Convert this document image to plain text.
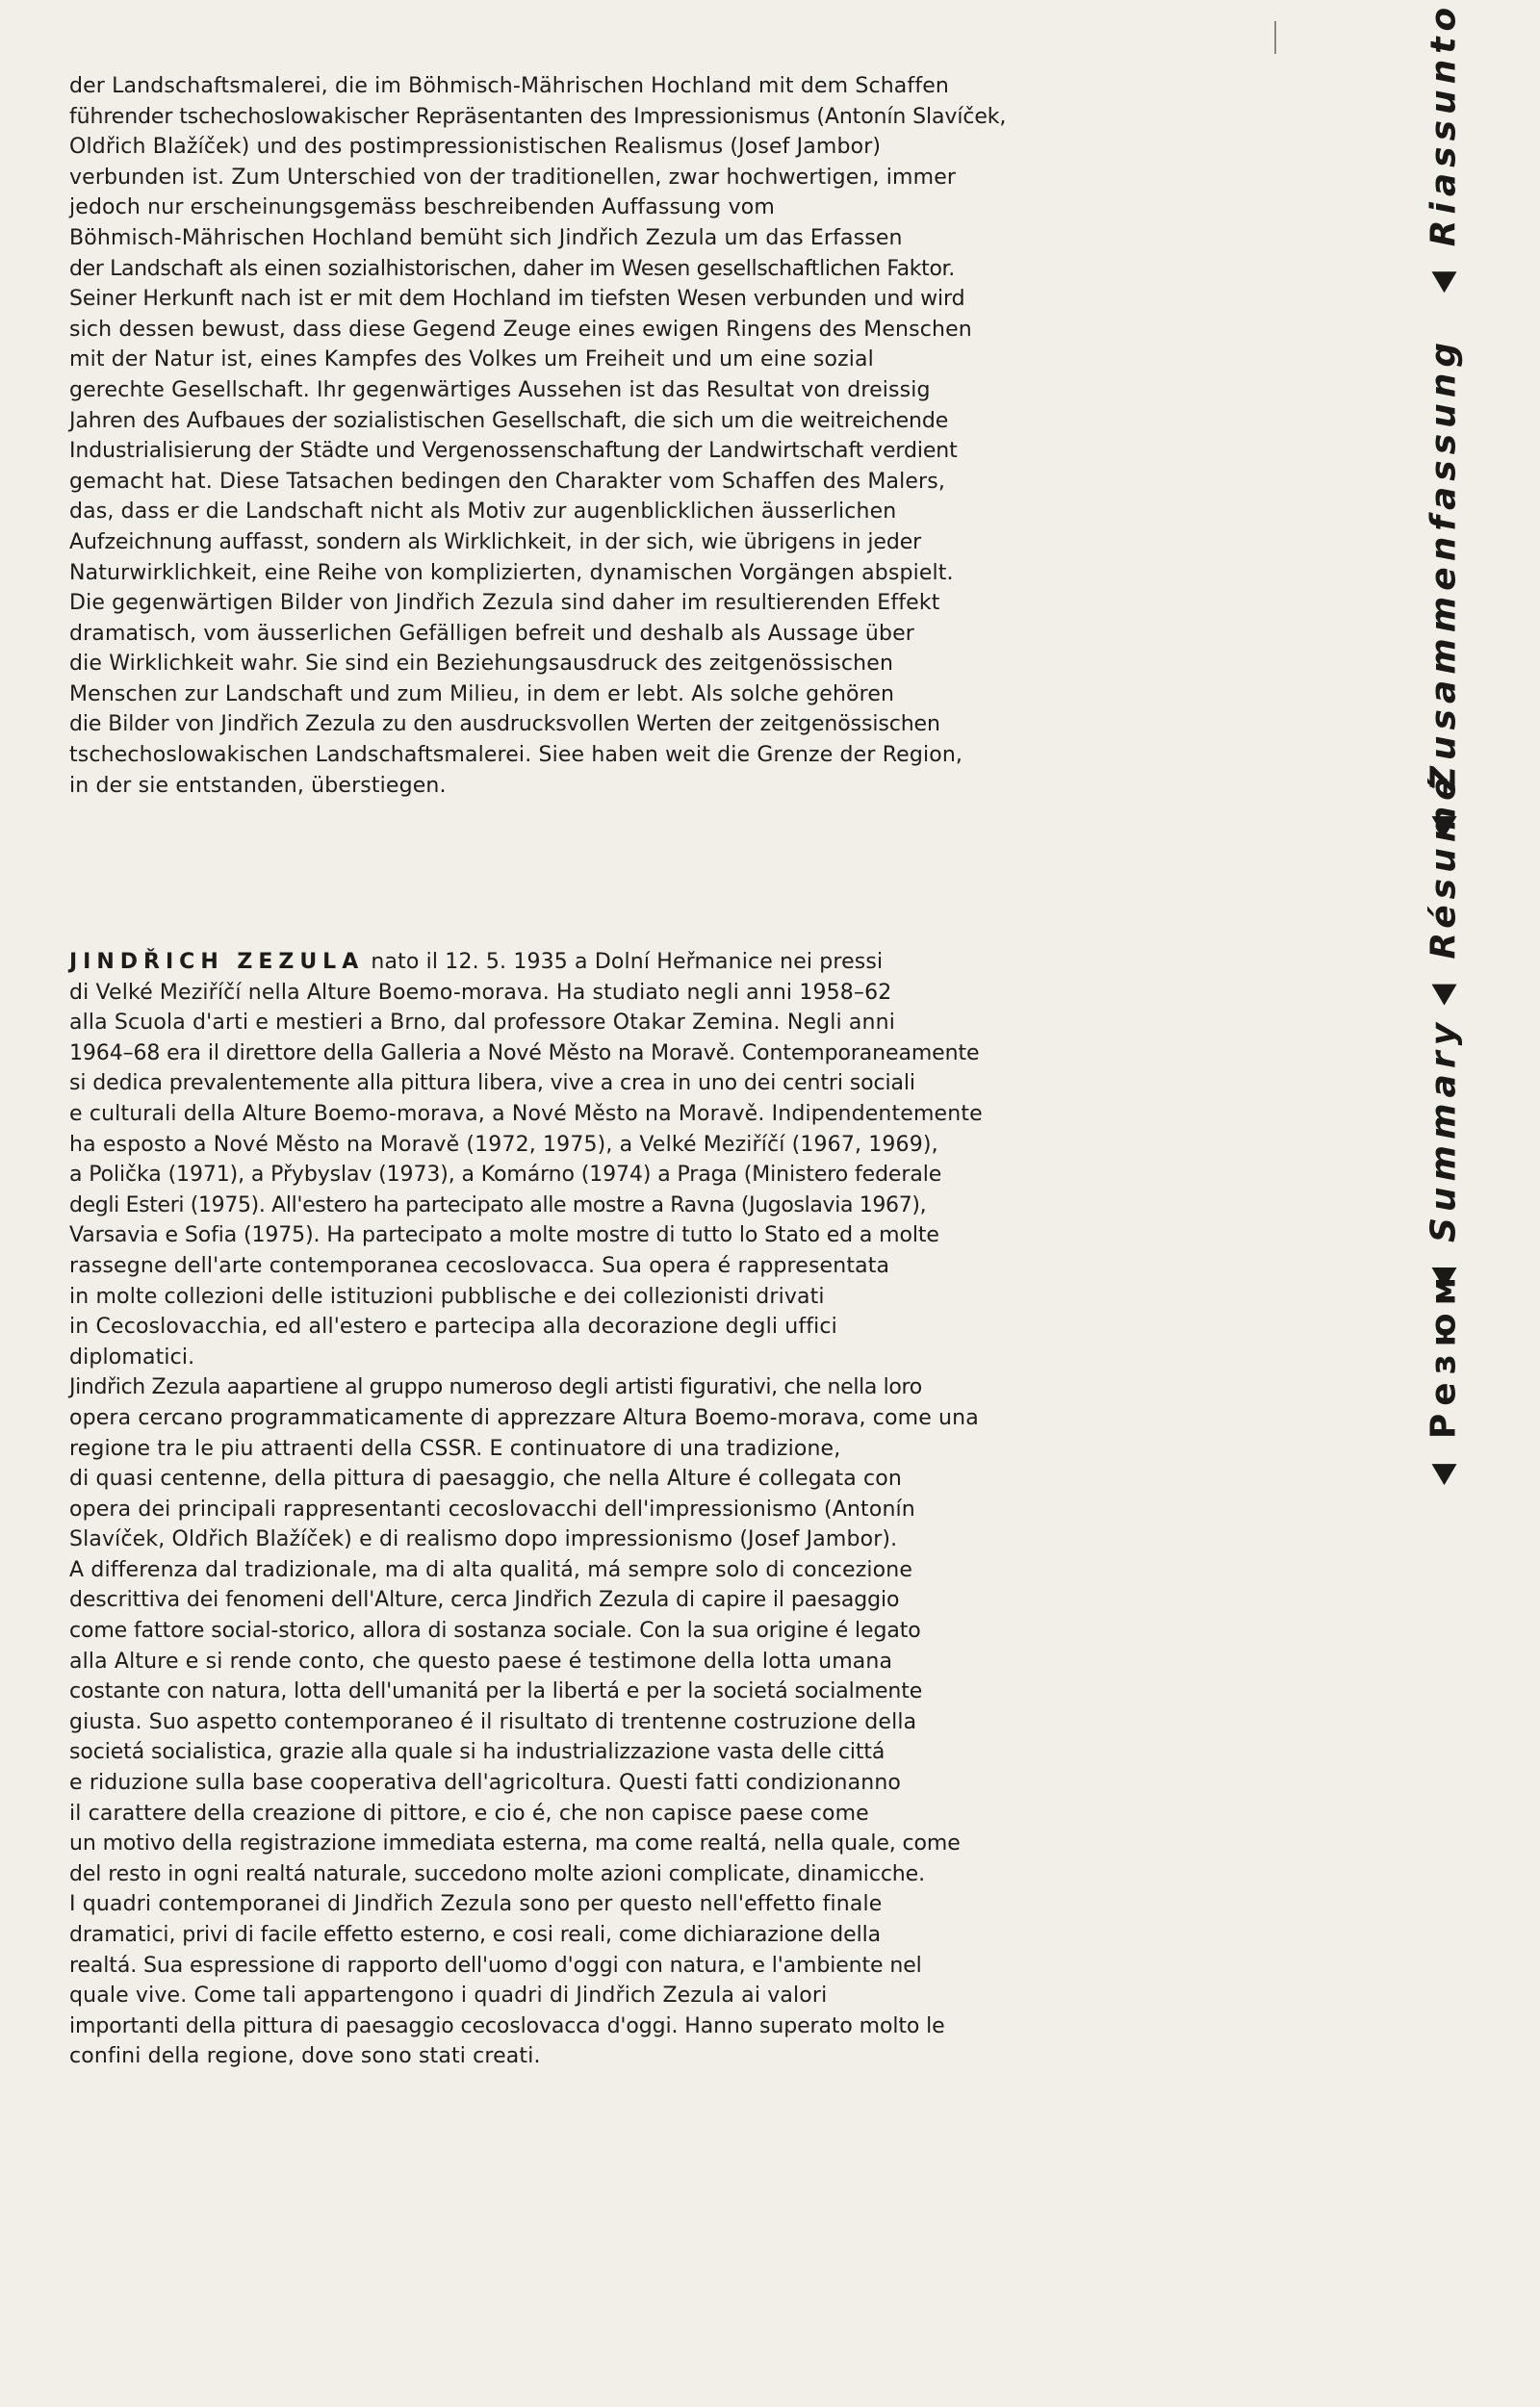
der Landschaftsmalerei, die im Böhmisch-Mährischen Hochland mit dem Schaffen

führender tschechoslowakischer Repräsentanten des Impressionismus (Antonín Slavíček,

Oldřich Blažíček) und des postimpressionistischen Realismus (Josef Jambor)

verbunden ist. Zum Unterschied von der traditionellen, zwar hochwertigen, immer

jedoch nur erscheinungsgemäss beschreibenden Auffassung vom

Böhmisch-Mährischen Hochland bemüht sich Jindřich Zezula um das Erfassen

der Landschaft als einen sozialhistorischen, daher im Wesen gesellschaftlichen Faktor.

Seiner Herkunft nach ist er mit dem Hochland im tiefsten Wesen verbunden und wird

sich dessen bewust, dass diese Gegend Zeuge eines ewigen Ringens des Menschen

mit der Natur ist, eines Kampfes des Volkes um Freiheit und um eine sozial

gerechte Gesellschaft. Ihr gegenwärtiges Aussehen ist das Resultat von dreissig

Jahren des Aufbaues der sozialistischen Gesellschaft, die sich um die weitreichende

Industrialisierung der Städte und Vergenossenschaftung der Landwirtschaft verdient

gemacht hat. Diese Tatsachen bedingen den Charakter vom Schaffen des Malers,

das, dass er die Landschaft nicht als Motiv zur augenblicklichen äusserlichen

Aufzeichnung auffasst, sondern als Wirklichkeit, in der sich, wie übrigens in jeder

Naturwirklichkeit, eine Reihe von komplizierten, dynamischen Vorgängen abspielt.

Die gegenwärtigen Bilder von Jindřich Zezula sind daher im resultierenden Effekt

dramatisch, vom äusserlichen Gefälligen befreit und deshalb als Aussage über

die Wirklichkeit wahr. Sie sind ein Beziehungsausdruck des zeitgenössischen

Menschen zur Landschaft und zum Milieu, in dem er lebt. Als solche gehören

die Bilder von Jindřich Zezula zu den ausdrucksvollen Werten der zeitgenössischen

tschechoslowakischen Landschaftsmalerei. Siee haben weit die Grenze der Region,

in der sie entstanden, überstiegen.

JINDŘICH ZEZULA nato il 12. 5. 1935 a Dolní Heřmanice nei pressi

di Velké Meziříčí nella Alture Boemo-morava. Ha studiato negli anni 1958–62

alla Scuola d'arti e mestieri a Brno, dal professore Otakar Zemina. Negli anni

1964–68 era il direttore della Galleria a Nové Město na Moravě. Contemporaneamente

si dedica prevalentemente alla pittura libera, vive a crea in uno dei centri sociali

e culturali della Alture Boemo-morava, a Nové Město na Moravě. Indipendentemente

ha esposto a Nové Město na Moravě (1972, 1975), a Velké Meziříčí (1967, 1969),

a Polička (1971), a Přybyslav (1973), a Komárno (1974) a Praga (Ministero federale

degli Esteri (1975). All'estero ha partecipato alle mostre a Ravna (Jugoslavia 1967),

Varsavia e Sofia (1975). Ha partecipato a molte mostre di tutto lo Stato ed a molte

rassegne dell'arte contemporanea cecoslovacca. Sua opera é rappresentata

in molte collezioni delle istituzioni pubblische e dei collezionisti drivati

in Cecoslovacchia, ed all'estero e partecipa alla decorazione degli uffici

diplomatici.

Jindřich Zezula aapartiene al gruppo numeroso degli artisti figurativi, che nella loro

opera cercano programmaticamente di apprezzare Altura Boemo-morava, come una

regione tra le piu attraenti della CSSR. E continuatore di una tradizione,

di quasi centenne, della pittura di paesaggio, che nella Alture é collegata con

opera dei principali rappresentanti cecoslovacchi dell'impressionismo (Antonín

Slavíček, Oldřich Blažíček) e di realismo dopo impressionismo (Josef Jambor).

A differenza dal tradizionale, ma di alta qualitá, má sempre solo di concezione

descrittiva dei fenomeni dell'Alture, cerca Jindřich Zezula di capire il paesaggio

come fattore social-storico, allora di sostanza sociale. Con la sua origine é legato

alla Alture e si rende conto, che questo paese é testimone della lotta umana

costante con natura, lotta dell'umanitá per la libertá e per la societá socialmente

giusta. Suo aspetto contemporaneo é il risultato di trentenne costruzione della

societá socialistica, grazie alla quale si ha industrializzazione vasta delle cittá

e riduzione sulla base cooperativa dell'agricoltura. Questi fatti condizionanno

il carattere della creazione di pittore, e cio é, che non capisce paese come

un motivo della registrazione immediata esterna, ma come realtá, nella quale, come

del resto in ogni realtá naturale, succedono molte azioni complicate, dinamicche.

I quadri contemporanei di Jindřich Zezula sono per questo nell'effetto finale

dramatici, privi di facile effetto esterno, e cosi reali, come dichiarazione della

realtá. Sua espressione di rapporto dell'uomo d'oggi con natura, e l'ambiente nel

quale vive. Come tali appartengono i quadri di Jindřich Zezula ai valori

importanti della pittura di paesaggio cecoslovacca d'oggi. Hanno superato molto le

confini della regione, dove sono stati creati.

Riassunto
Zusammenfassung
Résumé
Summary
Резюм
